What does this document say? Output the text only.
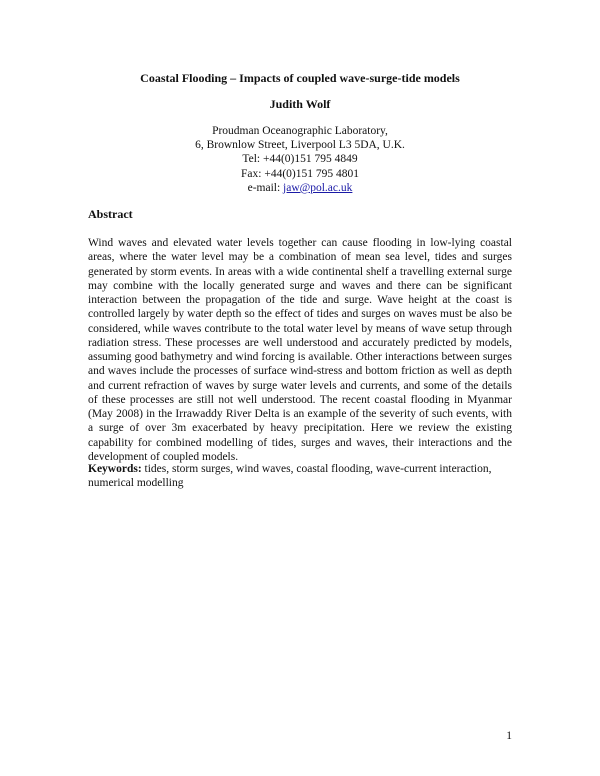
Coastal Flooding – Impacts of coupled wave-surge-tide models
Judith Wolf
Proudman Oceanographic Laboratory,
6, Brownlow Street, Liverpool L3 5DA, U.K.
Tel: +44(0)151 795 4849
Fax: +44(0)151 795 4801
e-mail: jaw@pol.ac.uk
Abstract
Wind waves and elevated water levels together can cause flooding in low-lying coastal areas, where the water level may be a combination of mean sea level, tides and surges generated by storm events. In areas with a wide continental shelf a travelling external surge may combine with the locally generated surge and waves and there can be significant interaction between the propagation of the tide and surge. Wave height at the coast is controlled largely by water depth so the effect of tides and surges on waves must be also be considered, while waves contribute to the total water level by means of wave setup through radiation stress. These processes are well understood and accurately predicted by models, assuming good bathymetry and wind forcing is available. Other interactions between surges and waves include the processes of surface wind-stress and bottom friction as well as depth and current refraction of waves by surge water levels and currents, and some of the details of these processes are still not well understood. The recent coastal flooding in Myanmar (May 2008) in the Irrawaddy River Delta is an example of the severity of such events, with a surge of over 3m exacerbated by heavy precipitation. Here we review the existing capability for combined modelling of tides, surges and waves, their interactions and the development of coupled models.
Keywords: tides, storm surges, wind waves, coastal flooding, wave-current interaction, numerical modelling
1
